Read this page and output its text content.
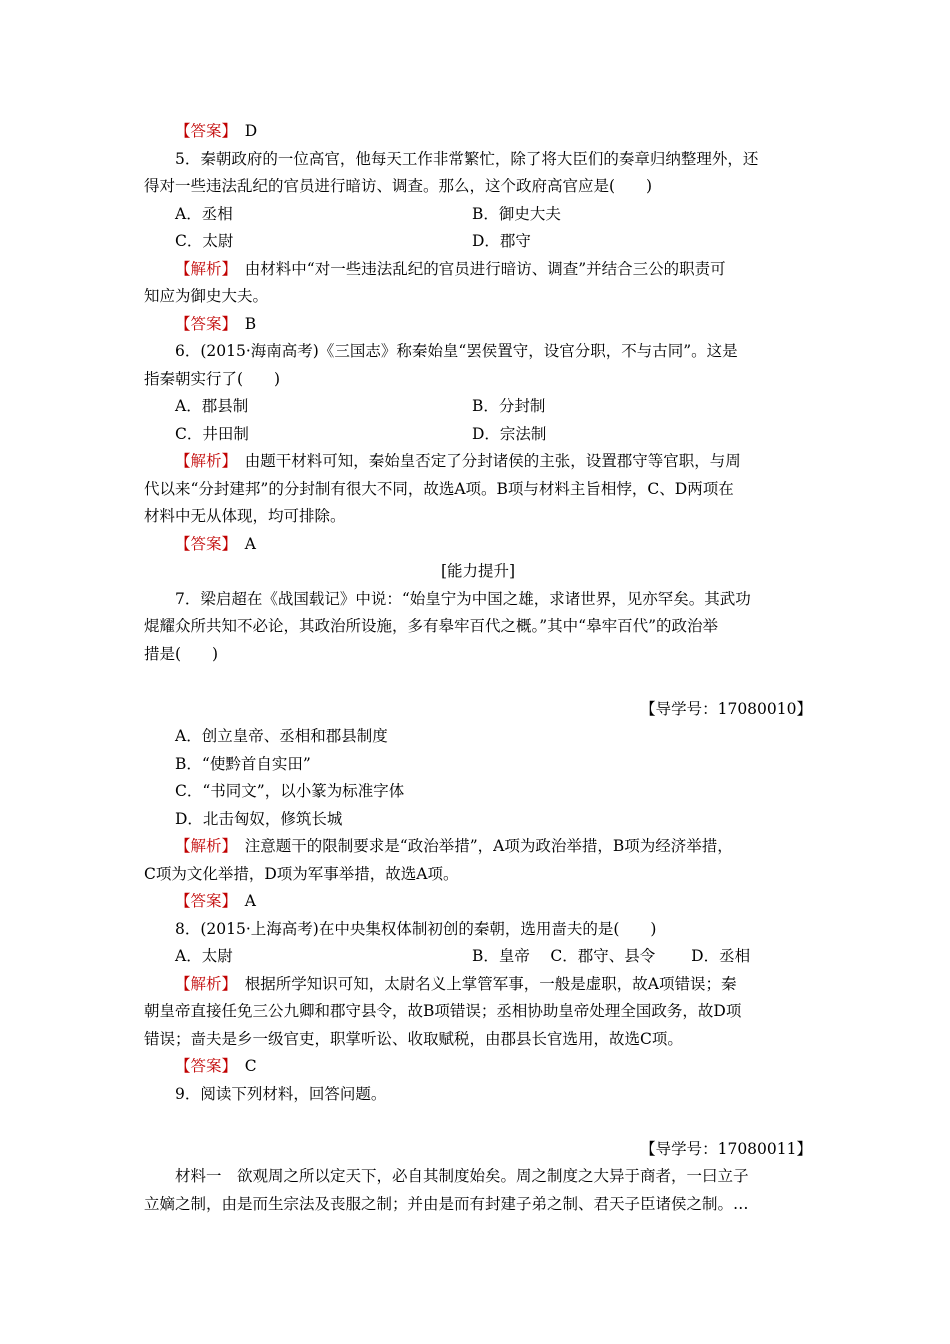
【答案】　 D
5．秦朝政府的一位高官，他每天工作非常繁忙，除了将大臣们的奏章归纳整理外，还
得对一些违法乱纪的官员进行暗访、调查。那么，这个政府高官应是(　　)
A．丞相	B．御史大夫
C．太尉	D．郡守
【解析】　 由材料中“对一些违法乱纪的官员进行暗访、调查”并结合三公的职责可
知应为御史大夫。
【答案】　 B
6．(2015·海南高考)《三国志》称秦始皇“罢侯置守，设官分职，不与古同”。这是
指秦朝实行了(　　)
A．郡县制	B．分封制
C．井田制	D．宗法制
【解析】　 由题干材料可知，秦始皇否定了分封诸侯的主张，设置郡守等官职，与周
代以来“分封建邦”的分封制有很大不同，故选A项。B项与材料主旨相悖，C、D两项在
材料中无从体现，均可排除。
【答案】　 A
[能力提升]
7．梁启超在《战国载记》中说：“始皇宁为中国之雄，求诸世界，见亦罕矣。其武功
焜耀众所共知不必论，其政治所设施，多有皋牢百代之概。”其中“皋牢百代”的政治举
措是(　　)
【导学号：17080010】
A．创立皇帝、丞相和郡县制度
B．“使黔首自实田”
C．“书同文”，以小篆为标准字体
D．北击匈奴，修筑长城
【解析】　 注意题干的限制要求是“政治举措”，A项为政治举措，B项为经济举措，
C项为文化举措，D项为军事举措，故选A项。
【答案】　 A
8．(2015·上海高考)在中央集权体制初创的秦朝，选用啬夫的是(　　)
A．太尉	B．皇帝　 C．郡守、县令　　 D．丞相
【解析】　 根据所学知识可知，太尉名义上掌管军事，一般是虚职，故A项错误；秦
朝皇帝直接任免三公九卿和郡守县令，故B项错误；丞相协助皇帝处理全国政务，故D项
错误；啬夫是乡一级官吏，职掌听讼、收取赋税，由郡县长官选用，故选C项。
【答案】　 C
9．阅读下列材料，回答问题。
【导学号：17080011】
材料一　欲观周之所以定天下，必自其制度始矣。周之制度之大异于商者，一曰立子
立嫡之制，由是而生宗法及丧服之制；并由是而有封建子弟之制、君天子臣诸侯之制。…
